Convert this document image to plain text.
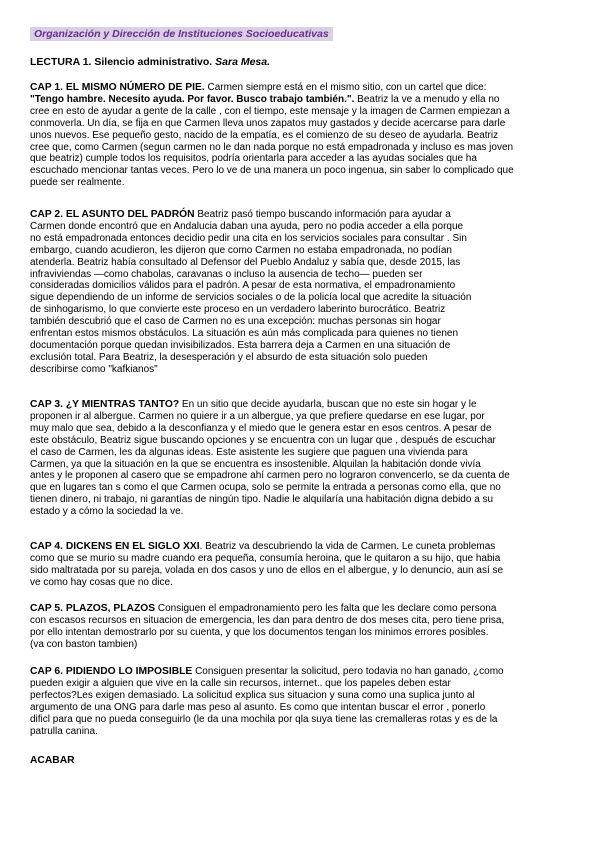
Organización y Dirección de Instituciones Socioeducativas
LECTURA 1. Silencio administrativo. Sara Mesa.
CAP 1. EL MISMO NÚMERO DE PIE. Carmen siempre está en el mismo sitio, con un cartel que dice:
"Tengo hambre. Necesito ayuda. Por favor. Busco trabajo también.". Beatriz la ve a menudo y ella no
cree en esto de ayudar a gente de la calle , con el tiempo, este mensaje y la imagen de Carmen empiezan a
conmoverla. Un día, se fija en que Carmen lleva unos zapatos muy gastados y decide acercarse para darle
unos nuevos. Ese pequeño gesto, nacido de la empatía, es el comienzo de su deseo de ayudarla. Beatriz
cree que, como Carmen (segun carmen no le dan nada porque no está empadronada y incluso es mas joven
que beatriz) cumple todos los requisitos, podría orientarla para acceder a las ayudas sociales que ha
escuchado mencionar tantas veces. Pero lo ve de una manera un poco ingenua, sin saber lo complicado que
puede ser realmente.
CAP 2. EL ASUNTO DEL PADRÓN Beatriz pasó tiempo buscando información para ayudar a
Carmen donde encontró que en Andalucia daban una ayuda, pero no podia acceder a ella porque
no está empadronada entonces decidio pedir una cita en los servicios sociales para consultar . Sin
embargo, cuando acudieron, les dijeron que como Carmen no estaba empadronada, no podían
atenderla. Beatriz había consultado al Defensor del Pueblo Andaluz y sabía que, desde 2015, las
infraviviendas —como chabolas, caravanas o incluso la ausencia de techo— pueden ser
consideradas domicilios válidos para el padrón. A pesar de esta normativa, el empadronamiento
sigue dependiendo de un informe de servicios sociales o de la policía local que acredite la situación
de sinhogarismo, lo que convierte este proceso en un verdadero laberinto burocrático. Beatriz
también descubrió que el caso de Carmen no es una excepción: muchas personas sin hogar
enfrentan estos mismos obstáculos. La situación es aún más complicada para quienes no tienen
documentación porque quedan invisibilizados. Esta barrera deja a Carmen en una situación de
exclusión total. Para Beatriz, la desesperación y el absurdo de esta situación solo pueden
describirse como "kafkianos"
CAP 3. ¿Y MIENTRAS TANTO? En un sitio que decide ayudarla, buscan que no este sin hogar y le
proponen ir al albergue. Carmen no quiere ir a un albergue, ya que prefiere quedarse en ese lugar, por
muy malo que sea, debido a la desconfianza y el miedo que le genera estar en esos centros. A pesar de
este obstáculo, Beatriz sigue buscando opciones y se encuentra con un lugar que , después de escuchar
el caso de Carmen, les da algunas ideas. Este asistente les sugiere que paguen una vivienda para
Carmen, ya que la situación en la que se encuentra es insostenible. Alquilan la habitación donde vivía
antes y le proponen al casero que se empadrone ahí carmen pero no lograron convencerlo, se da cuenta de
que en lugares tan s como el que Carmen ocupa, solo se permite la entrada a personas como ella, que no
tienen dinero, ni trabajo, ni garantías de ningún tipo. Nadie le alquilaría una habitación digna debido a su
estado y a cómo la sociedad la ve.
CAP 4. DICKENS EN EL SIGLO XXI. Beatriz va descubriendo la vida de Carmen. Le cuneta problemas
como que se murio su madre cuando era pequeña, consumía heroina, que le quitaron a su hijo, que habia
sido maltratada por su pareja, volada en dos casos y uno de ellos en el albergue, y lo denuncio, aun así se
ve como hay cosas que no dice.
CAP 5. PLAZOS, PLAZOS Consiguen el empadronamiento pero les falta que les declare como persona
con escasos recursos en situacion de emergencia, les dan para dentro de dos meses cita, pero tiene prisa,
por ello intentan demostrarlo por su cuenta, y que los documentos tengan los minimos errores posibles.
(va con baston tambien)
CAP 6. PIDIENDO LO IMPOSIBLE Consiguen presentar la solicitud, pero todavia no han ganado, ¿como
pueden exigir a alguien que vive en la calle sin recursos, internet.. que los papeles deben estar
perfectos?Les exigen demasiado. La solicitud explica sus situacion y suna como una suplica junto al
argumento de una ONG para darle mas peso al asunto. Es como que intentan buscar el error , ponerlo
dificl para que no pueda conseguirlo (le da una mochila por qla suya tiene las cremalleras rotas y es de la
patrulla canina.
ACABAR
